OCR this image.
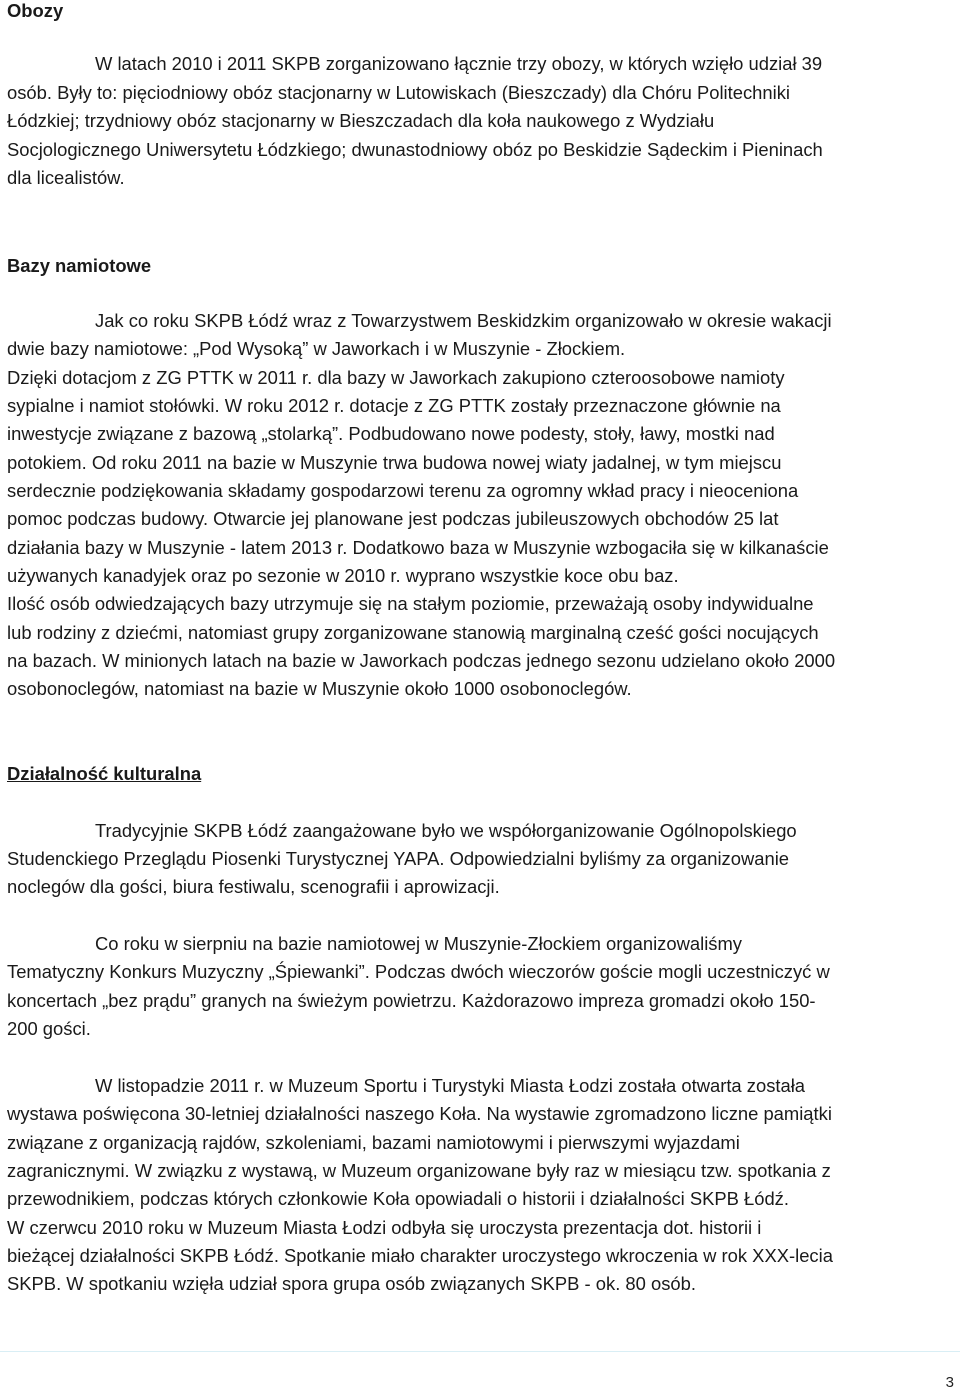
Obozy
W latach 2010 i 2011 SKPB zorganizowano łącznie trzy obozy, w których wzięło udział 39
osób. Były to: pięciodniowy obóz stacjonarny w Lutowiskach (Bieszczady) dla Chóru Politechniki
Łódzkiej; trzydniowy obóz stacjonarny w Bieszczadach dla koła naukowego z Wydziału
Socjologicznego Uniwersytetu Łódzkiego; dwunastodniowy obóz po Beskidzie Sądeckim i Pieninach
dla licealistów.
Bazy namiotowe
Jak co roku SKPB Łódź wraz z Towarzystwem Beskidzkim organizowało w okresie wakacji
dwie bazy namiotowe: „Pod Wysoką” w Jaworkach i w Muszynie - Złockiem.
Dzięki dotacjom z ZG PTTK w 2011 r. dla bazy w Jaworkach zakupiono czteroosobowe namioty
sypialne i namiot stołówki. W roku 2012 r. dotacje z ZG PTTK zostały przeznaczone głównie na
inwestycje związane z bazową „stolarką”. Podbudowano nowe podesty, stoły, ławy, mostki nad
potokiem. Od roku 2011 na bazie w Muszynie trwa budowa nowej wiaty jadalnej, w tym miejscu
serdecznie podziękowania składamy gospodarzowi terenu za ogromny wkład pracy i nieoceniona
pomoc podczas budowy. Otwarcie jej planowane jest podczas jubileuszowych obchodów 25 lat
działania bazy w Muszynie - latem 2013 r. Dodatkowo baza w Muszynie wzbogaciła się w kilkanaście
używanych kanadyjek oraz po sezonie w 2010 r. wyprano wszystkie koce obu baz.
Ilość osób odwiedzających bazy utrzymuje się na stałym poziomie, przeważają osoby indywidualne
lub rodziny z dziećmi, natomiast grupy zorganizowane stanowią marginalną cześć gości nocujących
na bazach. W minionych latach na bazie w Jaworkach podczas jednego sezonu udzielano około 2000
osobonoclegów, natomiast na bazie w Muszynie około 1000 osobonoclegów.
Działalność kulturalna
Tradycyjnie SKPB Łódź zaangażowane było we współorganizowanie Ogólnopolskiego
Studenckiego Przeglądu Piosenki Turystycznej YAPA. Odpowiedzialni byliśmy za organizowanie
noclegów dla gości, biura festiwalu, scenografii i aprowizacji.
Co roku w sierpniu na bazie namiotowej w Muszynie-Złockiem organizowaliśmy
Tematyczny Konkurs Muzyczny „Śpiewanki”. Podczas dwóch wieczorów goście mogli uczestniczyć w
koncertach „bez prądu” granych na świeżym powietrzu. Każdorazowo impreza gromadzi około 150-
200 gości.
W listopadzie 2011 r. w Muzeum Sportu i Turystyki Miasta Łodzi została otwarta została
wystawa poświęcona 30-letniej działalności naszego Koła. Na wystawie zgromadzono liczne pamiątki
związane z organizacją rajdów, szkoleniami, bazami namiotowymi i pierwszymi wyjazdami
zagranicznymi. W związku z wystawą, w Muzeum organizowane były raz w miesiącu tzw. spotkania z
przewodnikiem, podczas których członkowie Koła opowiadali o historii i działalności SKPB Łódź.
W czerwcu 2010 roku w Muzeum Miasta Łodzi odbyła się uroczysta prezentacja dot. historii i
bieżącej działalności SKPB Łódź. Spotkanie miało charakter uroczystego wkroczenia w rok XXX-lecia
SKPB. W spotkaniu wzięła udział spora grupa osób związanych SKPB - ok. 80 osób.
3
